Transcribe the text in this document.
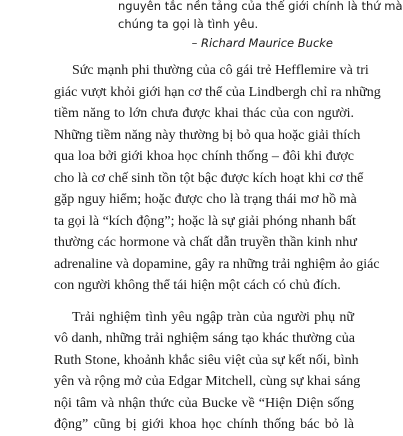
nguyên tắc nền tảng của thế giới chính là thứ mà
chúng ta gọi là tình yêu.
– Richard Maurice Bucke
Sức mạnh phi thường của cô gái trẻ Hefflemire và tri
giác vượt khỏi giới hạn cơ thể của Lindbergh chỉ ra những
tiềm năng to lớn chưa được khai thác của con người.
Những tiềm năng này thường bị bỏ qua hoặc giải thích
qua loa bởi giới khoa học chính thống – đôi khi được
cho là cơ chế sinh tồn tột bậc được kích hoạt khi cơ thể
gặp nguy hiểm; hoặc được cho là trạng thái mơ hồ mà
ta gọi là “kích động”; hoặc là sự giải phóng nhanh bất
thường các hormone và chất dẫn truyền thần kinh như
adrenaline và dopamine, gây ra những trải nghiệm ảo giác
con người không thể tái hiện một cách có chủ đích.
Trải nghiệm tình yêu ngập tràn của người phụ nữ
vô danh, những trải nghiệm sáng tạo khác thường của
Ruth Stone, khoảnh khắc siêu việt của sự kết nối, bình
yên và rộng mở của Edgar Mitchell, cùng sự khai sáng
nội tâm và nhận thức của Bucke về “Hiện Diện sống
động” cũng bị giới khoa học chính thống bác bỏ là
